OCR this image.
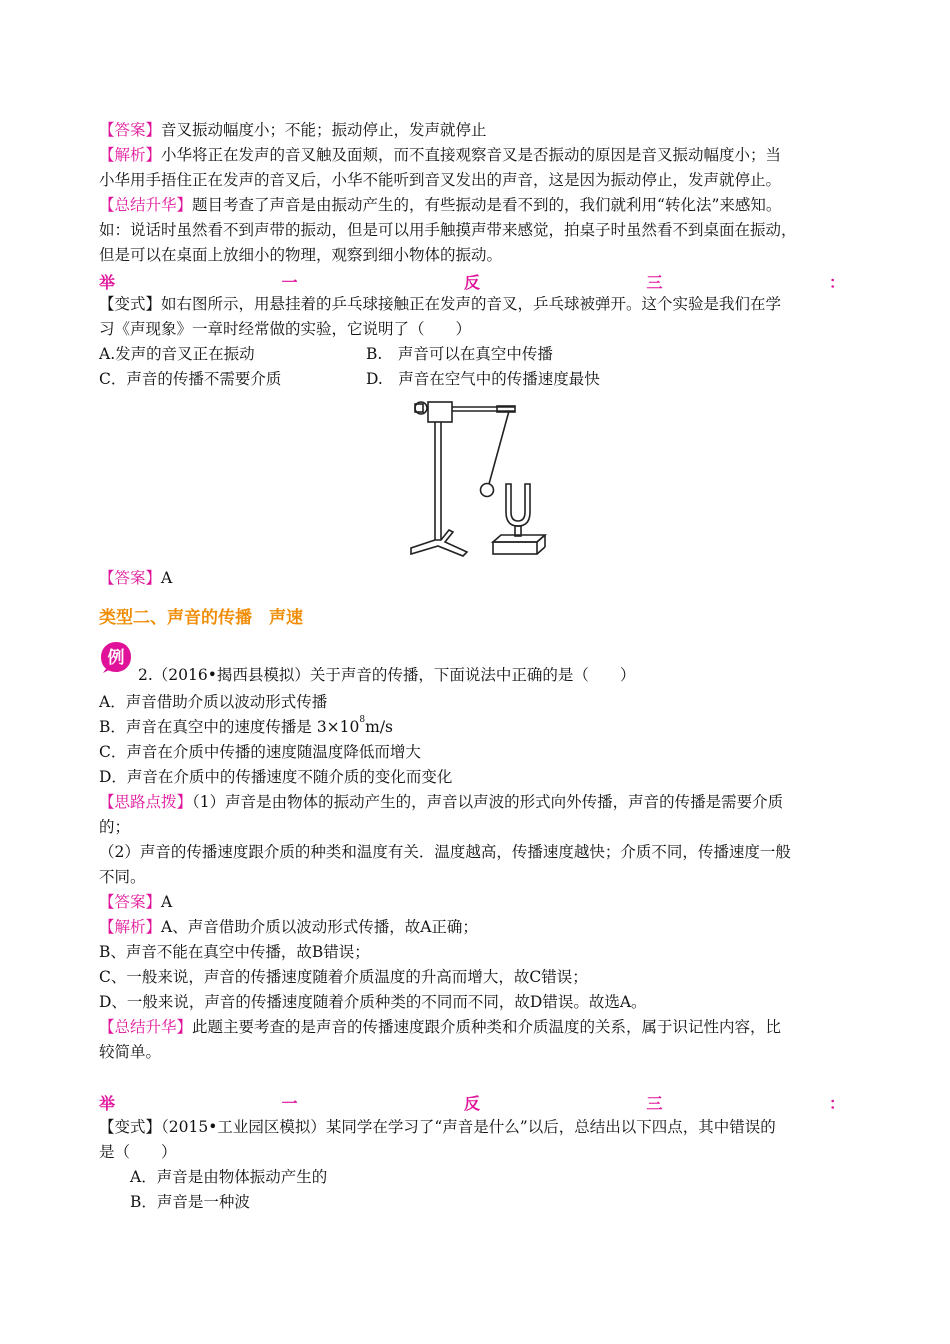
【答案】音叉振动幅度小；不能；振动停止，发声就停止
【解析】小华将正在发声的音叉触及面颊，而不直接观察音叉是否振动的原因是音叉振动幅度小；当
小华用手捂住正在发声的音叉后，小华不能听到音叉发出的声音，这是因为振动停止，发声就停止。
【总结升华】题目考查了声音是由振动产生的，有些振动是看不到的，我们就利用“转化法”来感知。
如：说话时虽然看不到声带的振动，但是可以用手触摸声带来感觉，拍桌子时虽然看不到桌面在振动，
但是可以在桌面上放细小的物理，观察到细小物体的振动。
举	一	反	三	：
【变式】如右图所示，用悬挂着的乒乓球接触正在发声的音叉，乒乓球被弹开。这个实验是我们在学
习《声现象》一章时经常做的实验，它说明了（　　）
A.发声的音叉正在振动	B.　声音可以在真空中传播
C．声音的传播不需要介质	D.　声音在空气中的传播速度最快
【答案】A
类型二、声音的传播　声速
例
2.（2016•揭西县模拟）关于声音的传播，下面说法中正确的是（　　）
A．声音借助介质以波动形式传播
B．声音在真空中的速度传播是 $3\times 10^8m/s$
C．声音在介质中传播的速度随温度降低而增大
D．声音在介质中的传播速度不随介质的变化而变化
【思路点拨】（1）声音是由物体的振动产生的，声音以声波的形式向外传播，声音的传播是需要介质
的；
（2）声音的传播速度跟介质的种类和温度有关．温度越高，传播速度越快；介质不同，传播速度一般
不同。
【答案】A
【解析】A、声音借助介质以波动形式传播，故A正确；
B、声音不能在真空中传播，故B错误；
C、一般来说，声音的传播速度随着介质温度的升高而增大，故C错误；
D、一般来说，声音的传播速度随着介质种类的不同而不同，故D错误。故选A。
【总结升华】此题主要考查的是声音的传播速度跟介质种类和介质温度的关系，属于识记性内容，比
较简单。
举	一	反	三	：
【变式】（2015•工业园区模拟）某同学在学习了“声音是什么”以后，总结出以下四点，其中错误的
是（　　）
A．声音是由物体振动产生的
B．声音是一种波
